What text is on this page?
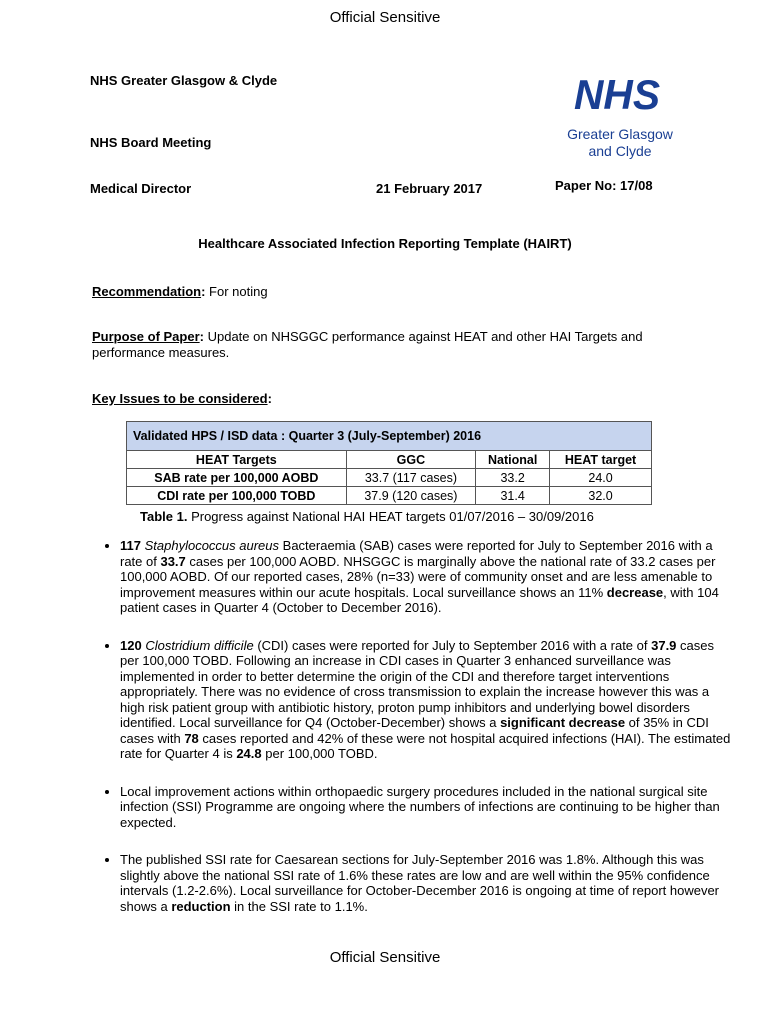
Official Sensitive
NHS Greater Glasgow & Clyde
NHS Board Meeting
Medical Director	21 February 2017	Paper No: 17/08
NHS
Greater Glasgow
and Clyde
Healthcare Associated Infection Reporting Template (HAIRT)
Recommendation: For noting
Purpose of Paper: Update on NHSGGC performance against HEAT and other HAI Targets and performance measures.
Key Issues to be considered:
Validated HPS / ISD data : Quarter 3 (July-September) 2016			
HEAT Targets	GGC	National	HEAT target
SAB rate per 100,000 AOBD	33.7 (117 cases)	33.2	24.0
CDI rate per 100,000 TOBD	37.9 (120 cases)	31.4	32.0
Table 1. Progress against National HAI HEAT targets 01/07/2016 – 30/09/2016
• 117 Staphylococcus aureus Bacteraemia (SAB) cases were reported for July to September 2016 with a rate of 33.7 cases per 100,000 AOBD. NHSGGC is marginally above the national rate of 33.2 cases per 100,000 AOBD. Of our reported cases, 28% (n=33) were of community onset and are less amenable to improvement measures within our acute hospitals. Local surveillance shows an 11% decrease, with 104 patient cases in Quarter 4 (October to December 2016).
• 120 Clostridium difficile (CDI) cases were reported for July to September 2016 with a rate of 37.9 cases per 100,000 TOBD. Following an increase in CDI cases in Quarter 3 enhanced surveillance was implemented in order to better determine the origin of the CDI and therefore target interventions appropriately. There was no evidence of cross transmission to explain the increase however this was a high risk patient group with antibiotic history, proton pump inhibitors and underlying bowel disorders identified. Local surveillance for Q4 (October-December) shows a significant decrease of 35% in CDI cases with 78 cases reported and 42% of these were not hospital acquired infections (HAI). The estimated rate for Quarter 4 is 24.8 per 100,000 TOBD.
• Local improvement actions within orthopaedic surgery procedures included in the national surgical site infection (SSI) Programme are ongoing where the numbers of infections are continuing to be higher than expected.
• The published SSI rate for Caesarean sections for July-September 2016 was 1.8%. Although this was slightly above the national SSI rate of 1.6% these rates are low and are well within the 95% confidence intervals (1.2-2.6%). Local surveillance for October-December 2016 is ongoing at time of report however shows a reduction in the SSI rate to 1.1%.
Official Sensitive
